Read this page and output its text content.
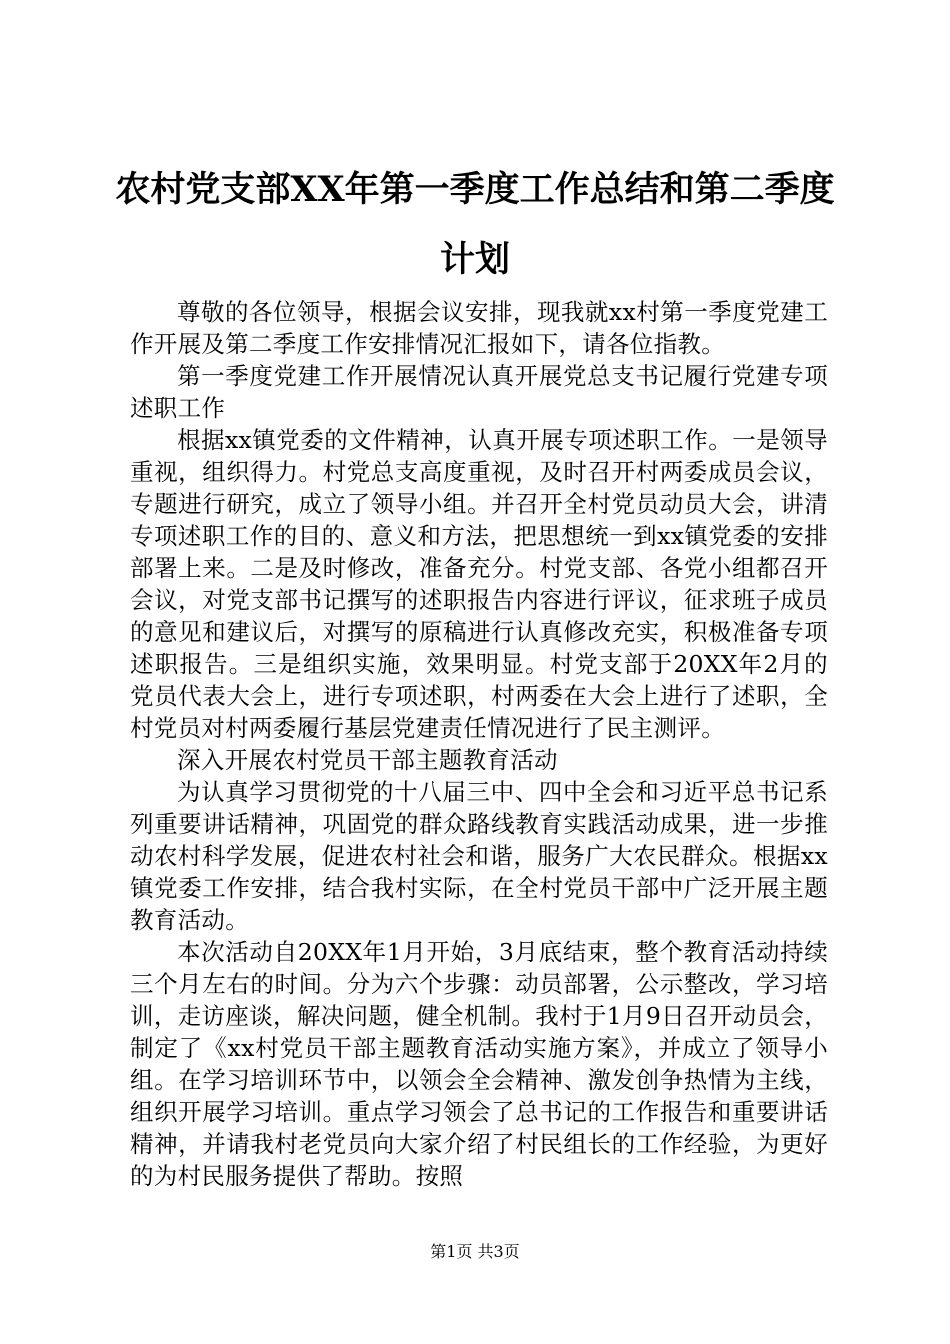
农村党支部XX年第一季度工作总结和第二季度计划

尊敬的各位领导，根据会议安排，现我就xx村第一季度党建工作开展及第二季度工作安排情况汇报如下，请各位指教。

第一季度党建工作开展情况认真开展党总支书记履行党建专项述职工作

根据xx镇党委的文件精神，认真开展专项述职工作。一是领导重视，组织得力。村党总支高度重视，及时召开村两委成员会议，专题进行研究，成立了领导小组。并召开全村党员动员大会，讲清专项述职工作的目的、意义和方法，把思想统一到xx镇党委的安排部署上来。二是及时修改，准备充分。村党支部、各党小组都召开会议，对党支部书记撰写的述职报告内容进行评议，征求班子成员的意见和建议后，对撰写的原稿进行认真修改充实，积极准备专项述职报告。三是组织实施，效果明显。村党支部于20XX年2月的党员代表大会上，进行专项述职，村两委在大会上进行了述职，全村党员对村两委履行基层党建责任情况进行了民主测评。

深入开展农村党员干部主题教育活动

为认真学习贯彻党的十八届三中、四中全会和习近平总书记系列重要讲话精神，巩固党的群众路线教育实践活动成果，进一步推动农村科学发展，促进农村社会和谐，服务广大农民群众。根据xx镇党委工作安排，结合我村实际，在全村党员干部中广泛开展主题教育活动。

本次活动自20XX年1月开始，3月底结束，整个教育活动持续三个月左右的时间。分为六个步骤：动员部署，公示整改，学习培训，走访座谈，解决问题，健全机制。我村于1月9日召开动员会，制定了《xx村党员干部主题教育活动实施方案》，并成立了领导小组。在学习培训环节中，以领会全会精神、激发创争热情为主线，组织开展学习培训。重点学习领会了总书记的工作报告和重要讲话精神，并请我村老党员向大家介绍了村民组长的工作经验，为更好的为村民服务提供了帮助。按照

第1页 共3页
